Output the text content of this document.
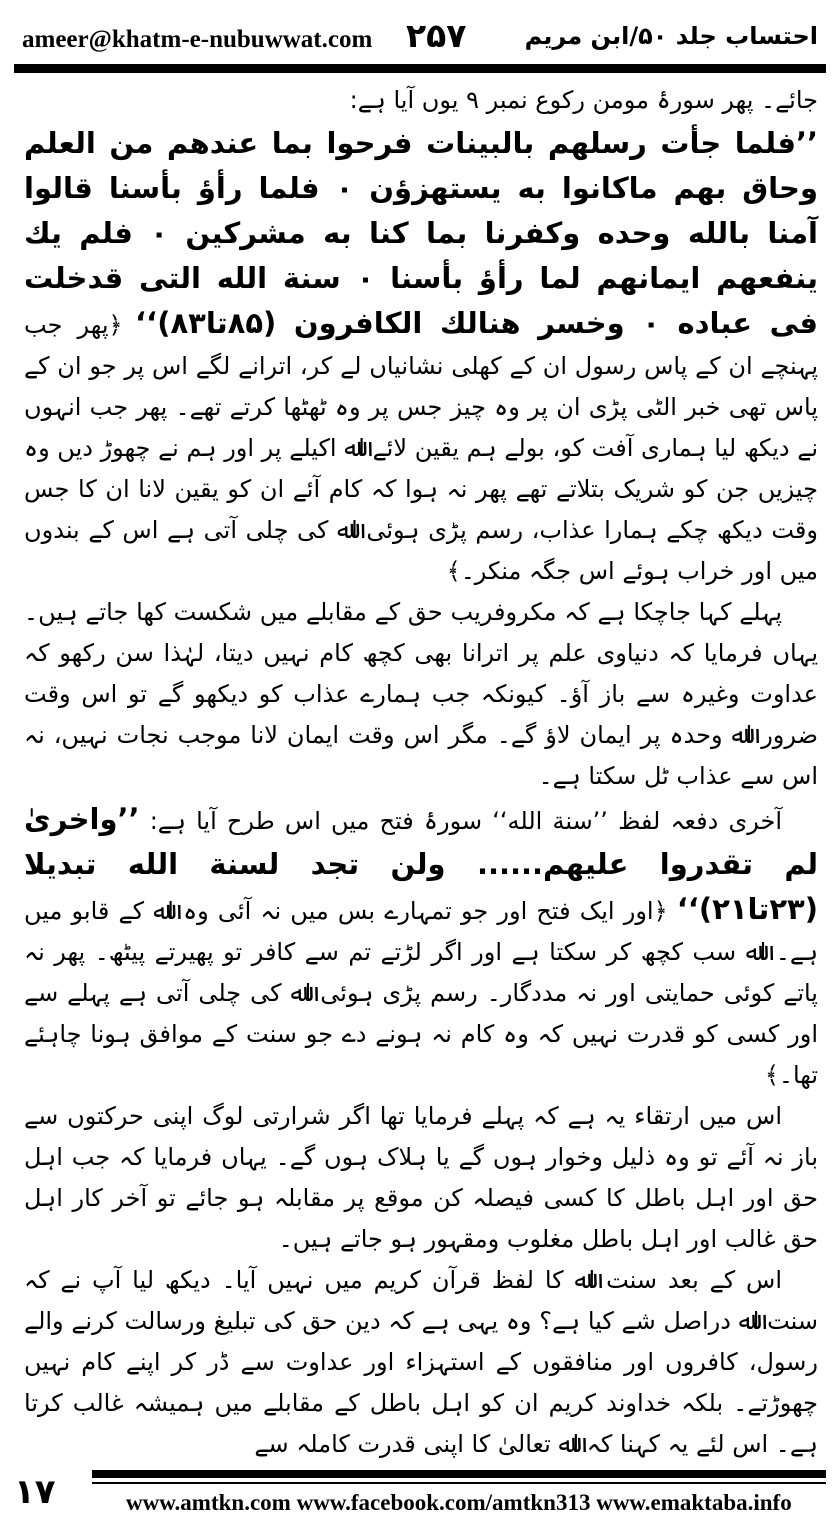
ameer@khatm-e-nubuwwat.com ۲۵۷ احتساب جلد ۵۰/ابن مریم

جائے۔ پھر سورۂ مومن رکوع نمبر ۹ یوں آیا ہے:

’’فلما جأت رسلهم بالبينات فرحوا بما عندهم من العلم وحاق بهم ماكانوا به يستهزؤن ۰ فلما رأؤ بأسنا قالوا آمنا بالله وحده وكفرنا بما كنا به مشركين ۰ فلم يك ينفعهم ايمانهم لما رأؤ بأسنا ۰ سنة الله التى قدخلت فى عباده ۰ وخسر هنالك الكافرون (۸۵تا۸۳)‘‘ ﴿پھر جب پہنچے ان کے پاس رسول ان کے کھلی نشانیاں لے کر، اترانے لگے اس پر جو ان کے پاس تھی خبر الٹی پڑی ان پر وہ چیز جس پر وہ ٹھٹھا کرتے تھے۔ پھر جب انہوں نے دیکھ لیا ہماری آفت کو، بولے ہم یقین لائے اﷲ اکیلے پر اور ہم نے چھوڑ دیں وہ چیزیں جن کو شریک بتلاتے تھے پھر نہ ہوا کہ کام آئے ان کو یقین لانا ان کا جس وقت دیکھ چکے ہمارا عذاب، رسم پڑی ہوئی اﷲ کی چلی آتی ہے اس کے بندوں میں اور خراب ہوئے اس جگہ منکر۔﴾

پہلے کہا جاچکا ہے کہ مکروفریب حق کے مقابلے میں شکست کھا جاتے ہیں۔ یہاں فرمایا کہ دنیاوی علم پر اترانا بھی کچھ کام نہیں دیتا، لہٰذا سن رکھو کہ عداوت وغیرہ سے باز آؤ۔ کیونکہ جب ہمارے عذاب کو دیکھو گے تو اس وقت ضرور اﷲ وحدہ پر ایمان لاؤ گے۔ مگر اس وقت ایمان لانا موجب نجات نہیں، نہ اس سے عذاب ٹل سکتا ہے۔

آخری دفعہ لفظ ’’سنة الله‘‘ سورۂ فتح میں اس طرح آیا ہے: ’’واخرىٰ لم تقدروا عليهم...... ولن تجد لسنة الله تبديلا (۲۳تا۲۱)‘‘ ﴿اور ایک فتح اور جو تمہارے بس میں نہ آئی وہ اﷲ کے قابو میں ہے۔ اﷲ سب کچھ کر سکتا ہے اور اگر لڑتے تم سے کافر تو پھیرتے پیٹھ۔ پھر نہ پاتے کوئی حمایتی اور نہ مددگار۔ رسم پڑی ہوئی اﷲ کی چلی آتی ہے پہلے سے اور کسی کو قدرت نہیں کہ وہ کام نہ ہونے دے جو سنت کے موافق ہونا چاہئے تھا۔﴾

اس میں ارتقاء یہ ہے کہ پہلے فرمایا تھا اگر شرارتی لوگ اپنی حرکتوں سے باز نہ آئے تو وہ ذلیل وخوار ہوں گے یا ہلاک ہوں گے۔ یہاں فرمایا کہ جب اہل حق اور اہل باطل کا کسی فیصلہ کن موقع پر مقابلہ ہو جائے تو آخر کار اہل حق غالب اور اہل باطل مغلوب ومقہور ہو جاتے ہیں۔

اس کے بعد سنت اﷲ کا لفظ قرآن کریم میں نہیں آیا۔ دیکھ لیا آپ نے کہ سنت اﷲ دراصل شے کیا ہے؟ وہ یہی ہے کہ دین حق کی تبلیغ ورسالت کرنے والے رسول، کافروں اور منافقوں کے استہزاء اور عداوت سے ڈر کر اپنے کام نہیں چھوڑتے۔ بلکہ خداوند کریم ان کو اہل باطل کے مقابلے میں ہمیشہ غالب کرتا ہے۔ اس لئے یہ کہنا کہ اﷲ تعالیٰ کا اپنی قدرت کاملہ سے

۱۷	www.amtkn.com www.facebook.com/amtkn313 www.emaktaba.info
